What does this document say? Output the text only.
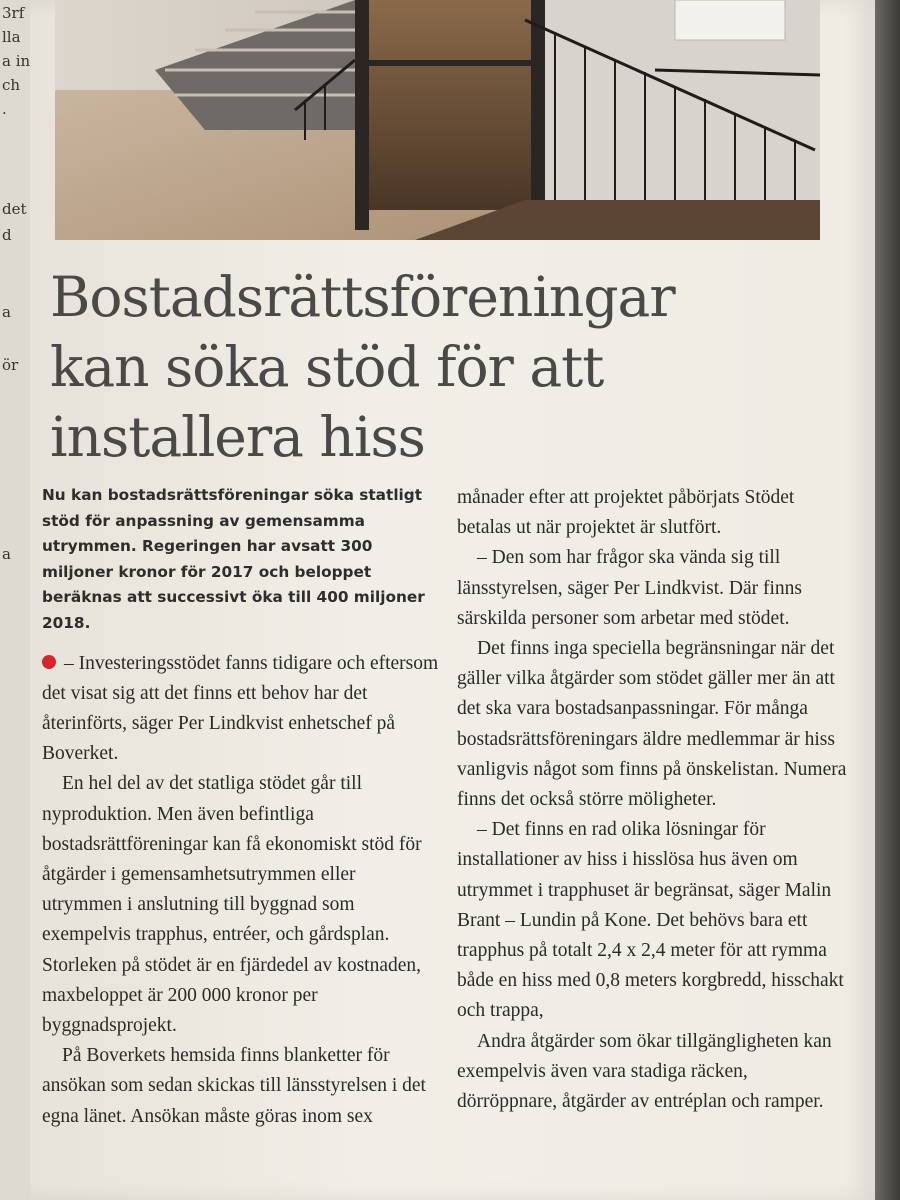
3rf
lla
a in
ch
.
det
d
a
ör
a
Bostadsrättsföreningar
kan söka stöd för att
installera hiss

Nu kan bostadsrättsföreningar söka statligt stöd för anpassning av gemensamma utrymmen. Regeringen har avsatt 300 miljoner kronor för 2017 och beloppet beräknas att successivt öka till 400 miljoner 2018.

– Investeringsstödet fanns tidigare och eftersom det visat sig att det finns ett behov har det återinförts, säger Per Lindkvist enhetschef på Boverket.

En hel del av det statliga stödet går till nyproduktion. Men även befintliga bostadsrättföreningar kan få ekonomiskt stöd för åtgärder i gemensamhetsutrymmen eller utrymmen i anslutning till byggnad som exempelvis trapphus, entréer, och gårdsplan. Storleken på stödet är en fjärdedel av kostnaden, maxbeloppet är 200 000 kronor per byggnadsprojekt.

På Boverkets hemsida finns blanketter för ansökan som sedan skickas till länsstyrelsen i det egna länet. Ansökan måste göras inom sex

månader efter att projektet påbörjats Stödet betalas ut när projektet är slutfört.

– Den som har frågor ska vända sig till länsstyrelsen, säger Per Lindkvist. Där finns särskilda personer som arbetar med stödet.

Det finns inga speciella begränsningar när det gäller vilka åtgärder som stödet gäller mer än att det ska vara bostadsanpassningar. För många bostadsrättsföreningars äldre medlemmar är hiss vanligvis något som finns på önskelistan. Numera finns det också större möligheter.

– Det finns en rad olika lösningar för installationer av hiss i hisslösa hus även om utrymmet i trapphuset är begränsat, säger Malin Brant – Lundin på Kone. Det behövs bara ett trapphus på totalt 2,4 x 2,4 meter för att rymma både en hiss med 0,8 meters korgbredd, hisschakt och trappa,

Andra åtgärder som ökar tillgängligheten kan exempelvis även vara stadiga räcken, dörröppnare, åtgärder av entréplan och ramper.
